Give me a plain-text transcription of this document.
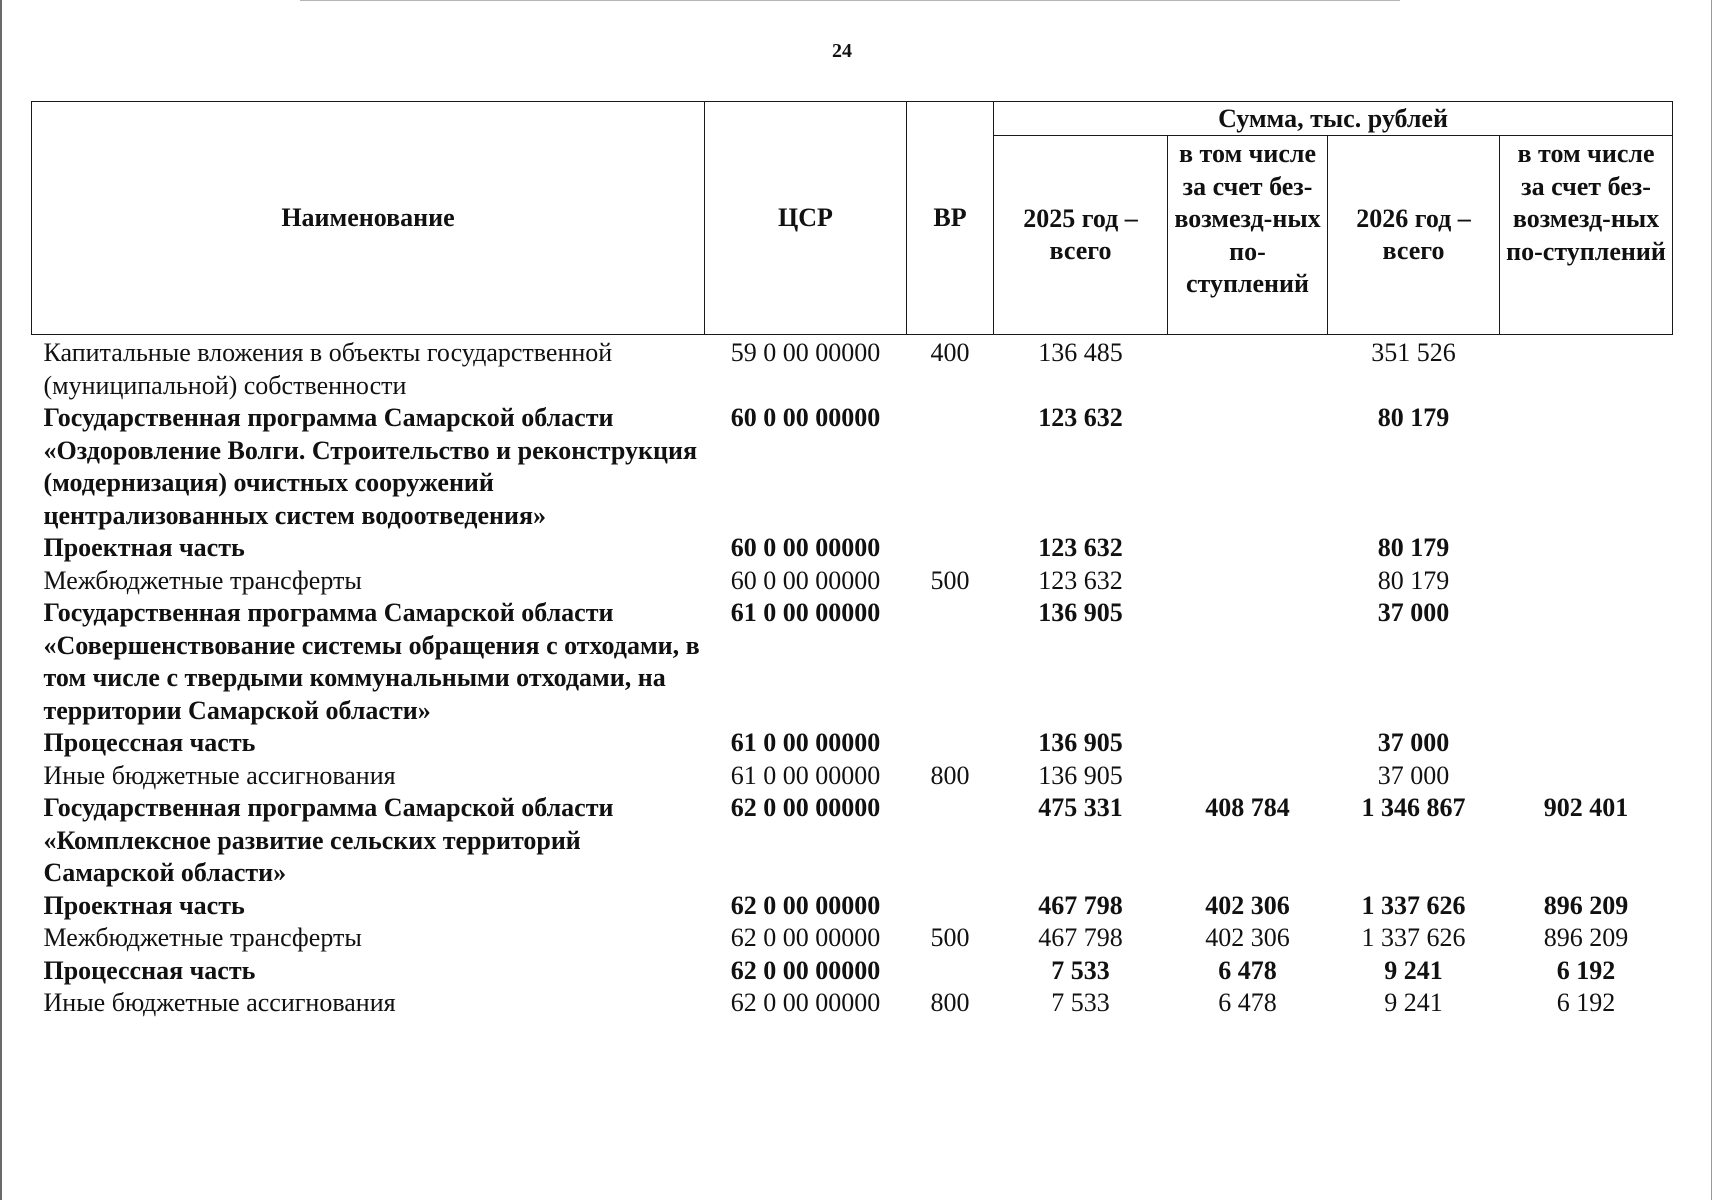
24
Наименование	ЦСР	ВР	Сумма, тыс. рублей			
			2025 год – всего	в том числе за счет без-возмезд-ных по-ступлений	2026 год – всего	в том числе за счет без-возмезд-ных по-ступлений
Капитальные вложения в объекты государственной (муниципальной) собственности	59 0 00 00000	400	136 485		351 526	
Государственная программа Самарской области «Оздоровление Волги. Строительство и реконструкция (модернизация) очистных сооружений централизованных систем водоотведения»	60 0 00 00000		123 632		80 179	
Проектная часть	60 0 00 00000		123 632		80 179	
Межбюджетные трансферты	60 0 00 00000	500	123 632		80 179	
Государственная программа Самарской области «Совершенствование системы обращения с отходами, в том числе с твердыми коммунальными отходами, на территории Самарской области»	61 0 00 00000		136 905		37 000	
Процессная часть	61 0 00 00000		136 905		37 000	
Иные бюджетные ассигнования	61 0 00 00000	800	136 905		37 000	
Государственная программа Самарской области «Комплексное развитие сельских территорий Самарской области»	62 0 00 00000		475 331	408 784	1 346 867	902 401
Проектная часть	62 0 00 00000		467 798	402 306	1 337 626	896 209
Межбюджетные трансферты	62 0 00 00000	500	467 798	402 306	1 337 626	896 209
Процессная часть	62 0 00 00000		7 533	6 478	9 241	6 192
Иные бюджетные ассигнования	62 0 00 00000	800	7 533	6 478	9 241	6 192
